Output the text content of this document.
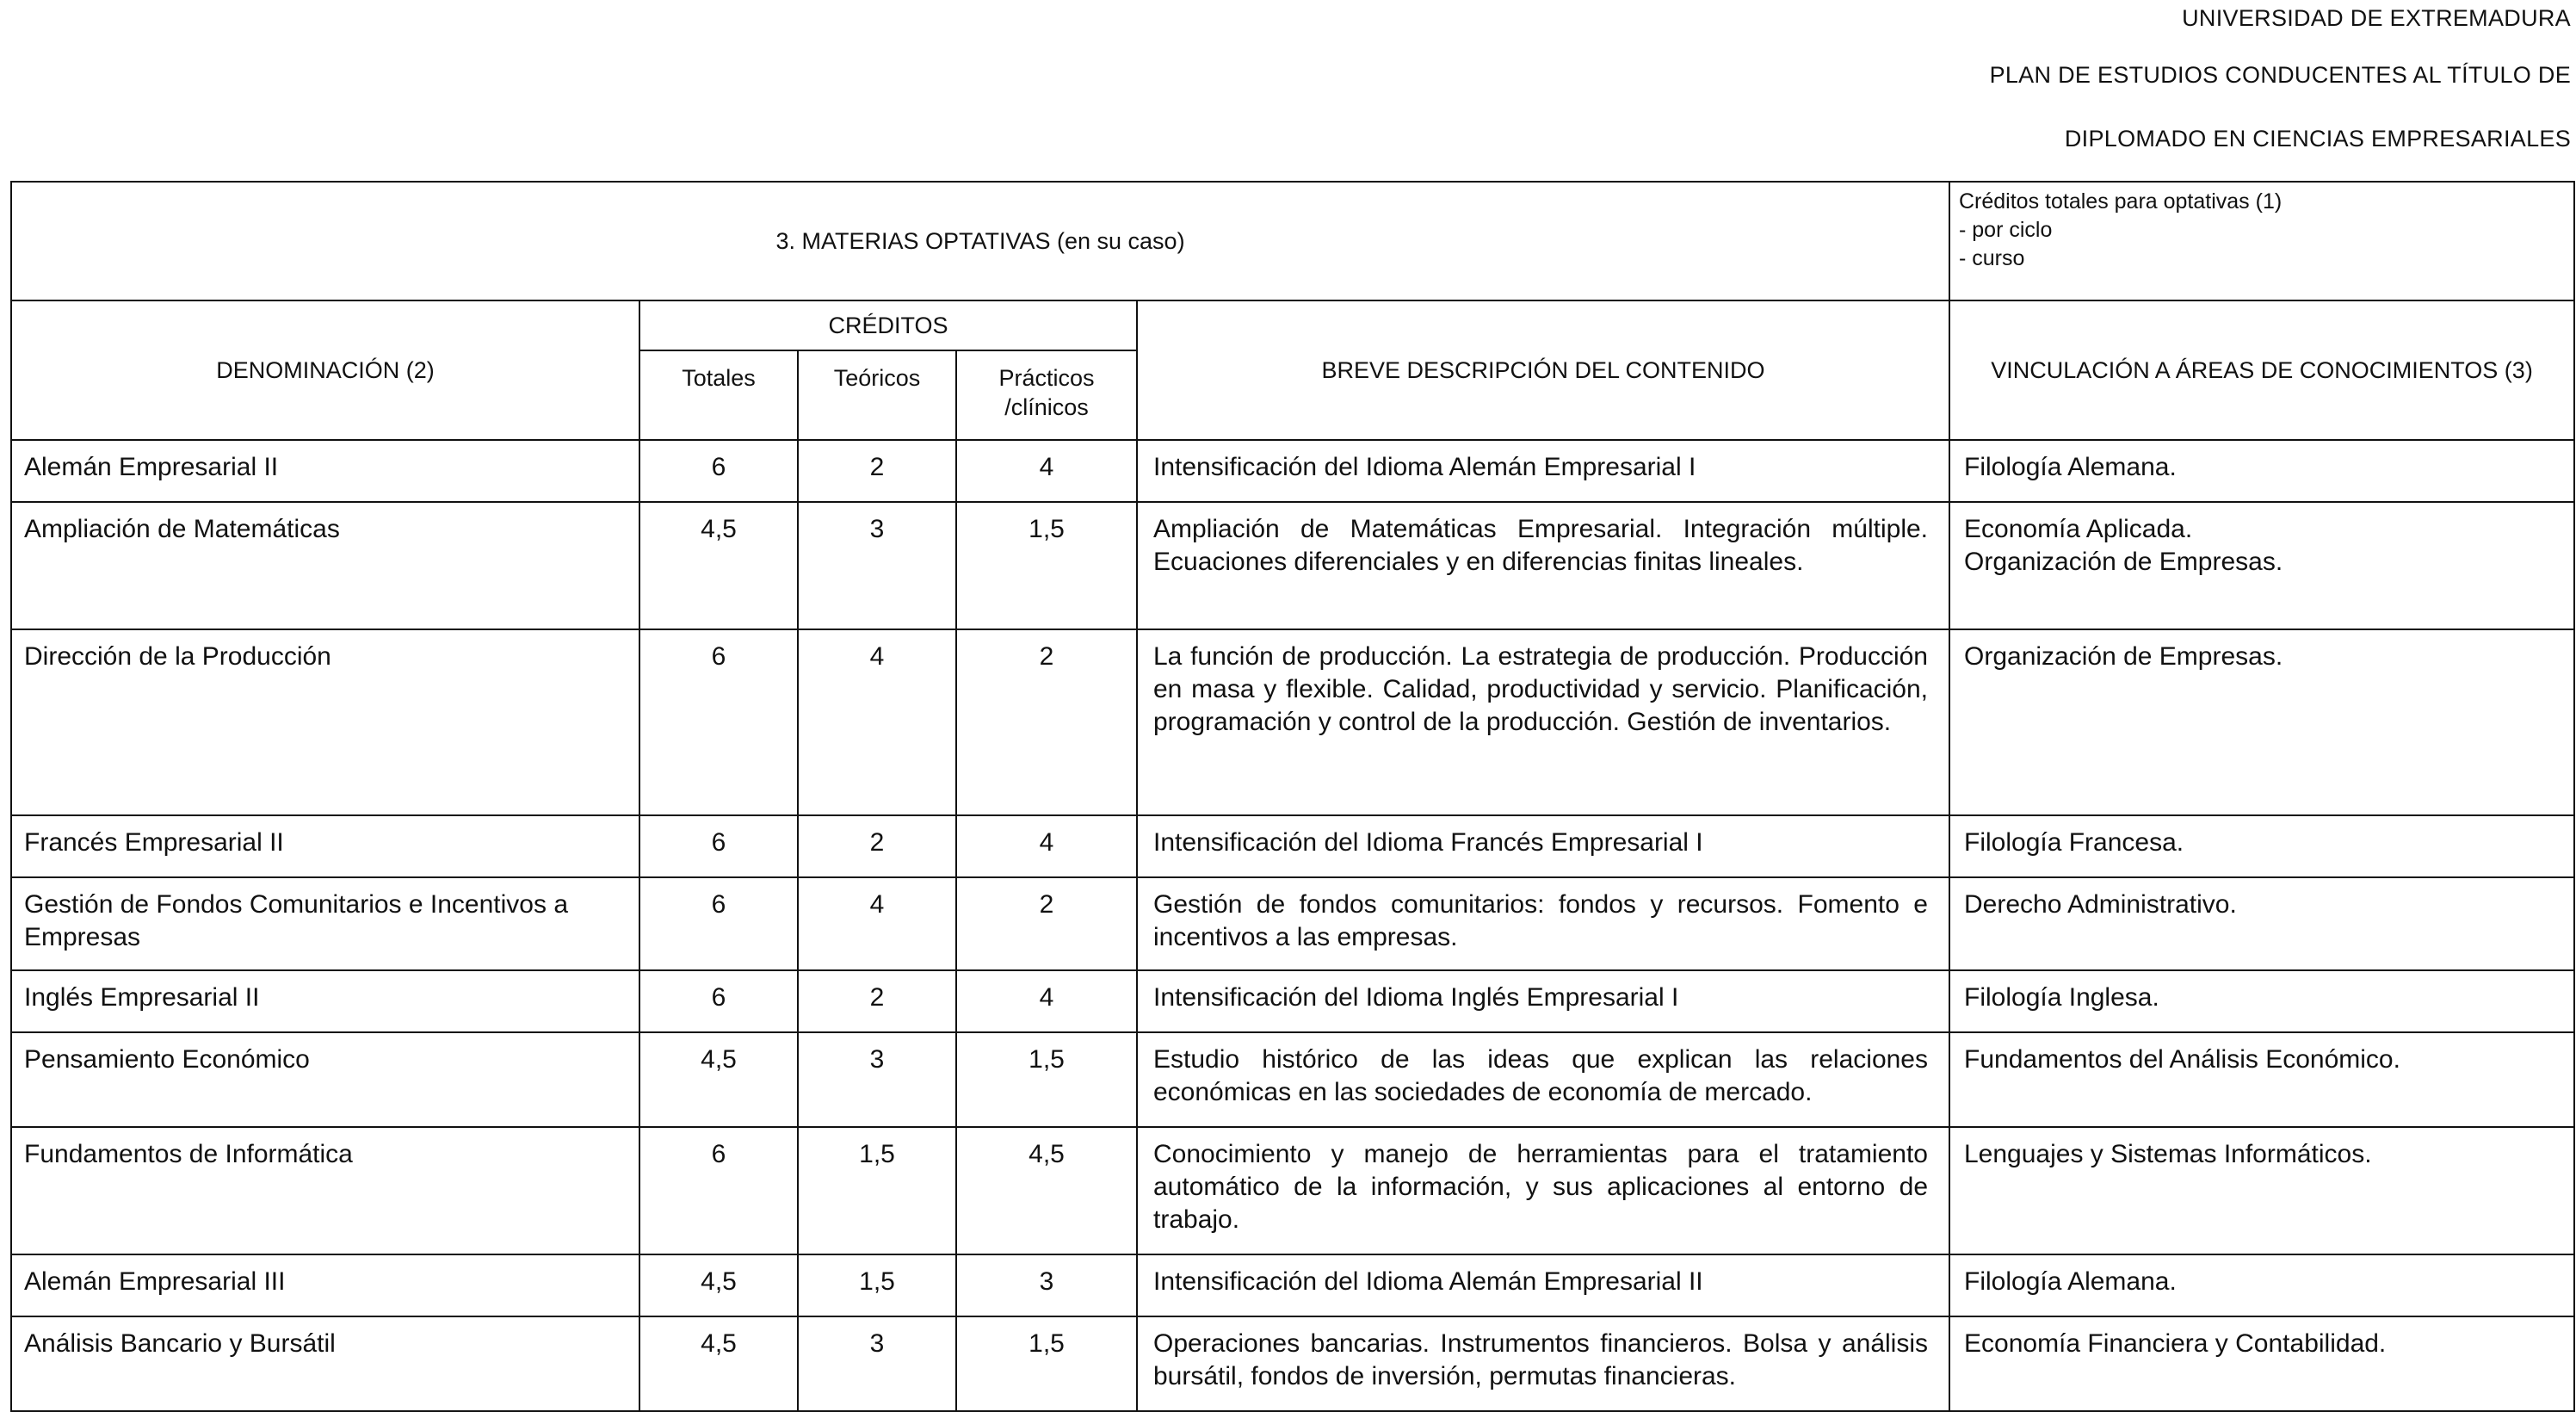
UNIVERSIDAD DE EXTREMADURA
PLAN DE ESTUDIOS CONDUCENTES AL TÍTULO DE
DIPLOMADO EN CIENCIAS EMPRESARIALES
3. MATERIAS OPTATIVAS (en su caso)					Créditos totales para optativas (1)
- por ciclo
- curso

DENOMINACIÓN (2)	CRÉDITOS			BREVE DESCRIPCIÓN DEL CONTENIDO	VINCULACIÓN A ÁREAS DE CONOCIMIENTOS (3)
	Totales	Teóricos	Prácticos
/clínicos		

Alemán Empresarial II	6	2	4	Intensificación del Idioma Alemán Empresarial I	Filología Alemana.

Ampliación de Matemáticas	4,5	3	1,5	Ampliación de Matemáticas Empresarial. Integración múltiple. Ecuaciones diferenciales y en diferencias finitas lineales.	Economía Aplicada.
Organización de Empresas.

Dirección de la Producción	6	4	2	La función de producción. La estrategia de producción. Producción en masa y flexible. Calidad, productividad y servicio. Planificación, programación y control de la producción. Gestión de inventarios.	Organización de Empresas.

Francés Empresarial II	6	2	4	Intensificación del Idioma Francés Empresarial I	Filología Francesa.

Gestión de Fondos Comunitarios e Incentivos a Empresas	6	4	2	Gestión de fondos comunitarios: fondos y recursos. Fomento e incentivos a las empresas.	Derecho Administrativo.

Inglés Empresarial II	6	2	4	Intensificación del Idioma Inglés Empresarial I	Filología Inglesa.

Pensamiento Económico	4,5	3	1,5	Estudio histórico de las ideas que explican las relaciones económicas en las sociedades de economía de mercado.	Fundamentos del Análisis Económico.

Fundamentos de Informática	6	1,5	4,5	Conocimiento y manejo de herramientas para el tratamiento automático de la información, y sus aplicaciones al entorno de trabajo.	Lenguajes y Sistemas Informáticos.

Alemán Empresarial III	4,5	1,5	3	Intensificación del Idioma Alemán Empresarial II	Filología Alemana.

Análisis Bancario y Bursátil	4,5	3	1,5	Operaciones bancarias. Instrumentos financieros. Bolsa y análisis bursátil, fondos de inversión, permutas financieras.	Economía Financiera y Contabilidad.
